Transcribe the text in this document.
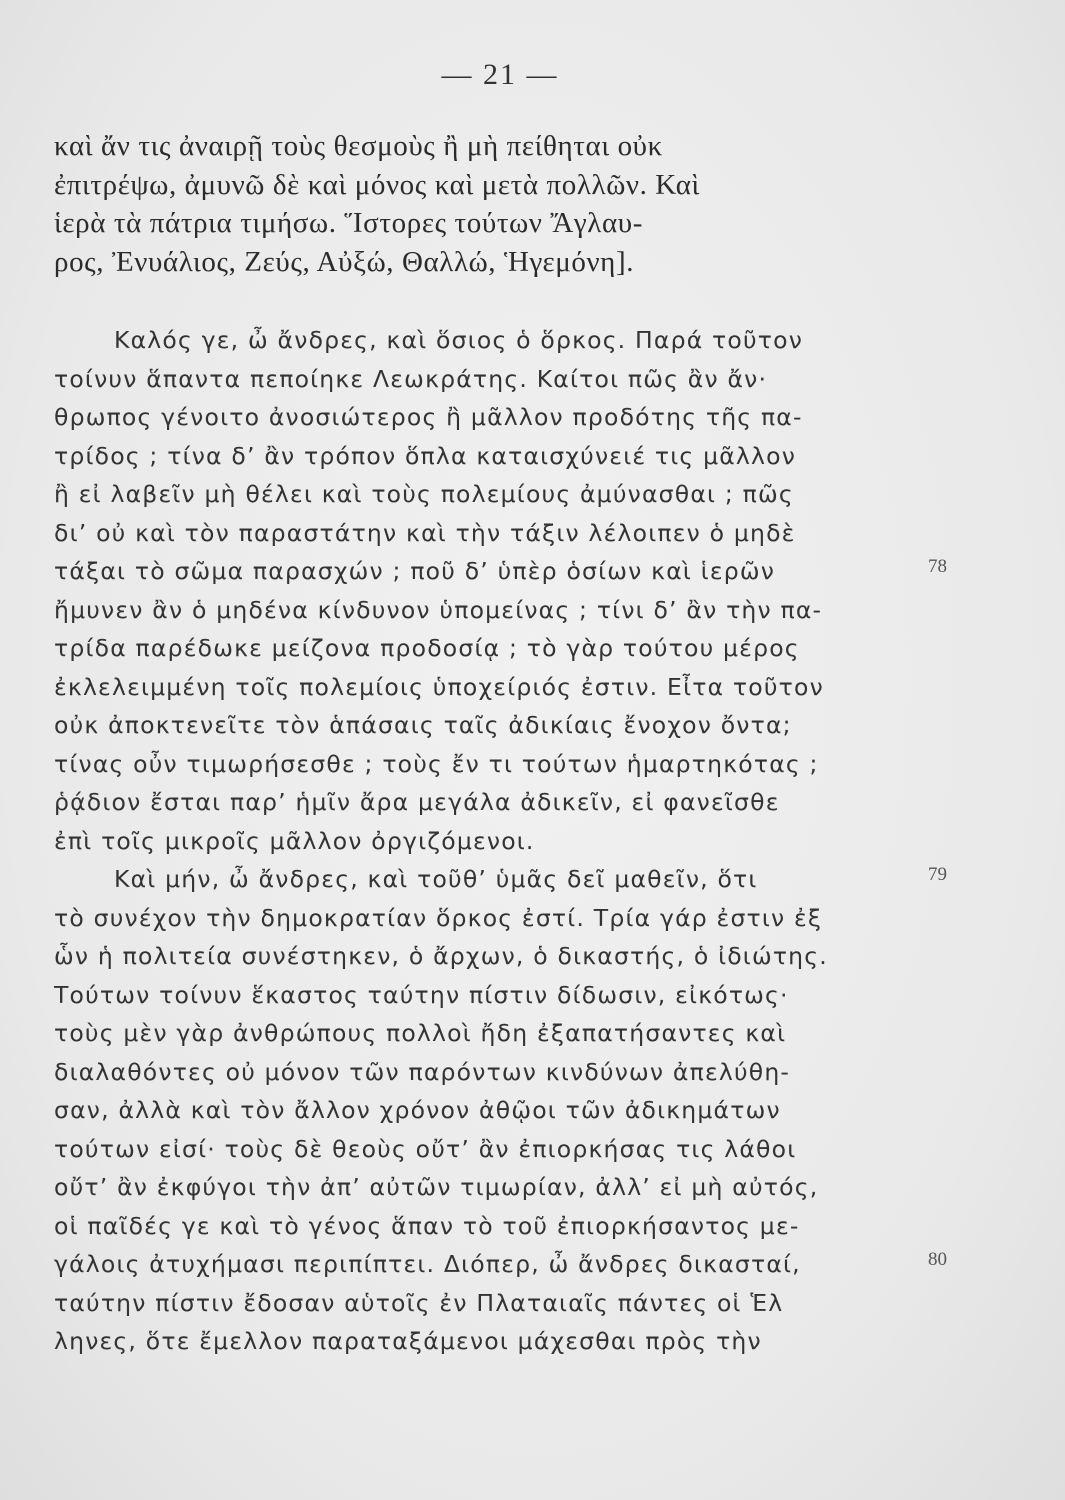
— 21 —
καὶ ἄν τις ἀναιρῇ τοὺς θεσμοὺς ἢ μὴ πείθηται οὐκ
ἐπιτρέψω, ἀμυνῶ δὲ καὶ μόνος καὶ μετὰ πολλῶν. Καὶ
ἱερὰ τὰ πάτρια τιμήσω. Ἵστορες τούτων Ἄγλαυ-
ρος, Ἐνυάλιος, Ζεύς, Αὐξώ, Θαλλώ, Ἡγεμόνη].
Καλός γε, ὦ ἄνδρες, καὶ ὅσιος ὁ ὅρκος. Παρά τοῦτον
τοίνυν ἅπαντα πεποίηκε Λεωκράτης. Καίτοι πῶς ἂν ἄν·
θρωπος γένοιτο ἀνοσιώτερος ἢ μᾶλλον προδότης τῆς πα-
τρίδος ; τίνα δ’ ἂν τρόπον ὅπλα καταισχύνειέ τις μᾶλλον
ἢ εἰ λαβεῖν μὴ θέλει καὶ τοὺς πολεμίους ἀμύνασθαι ; πῶς
δι’ οὐ καὶ τὸν παραστάτην καὶ τὴν τάξιν λέλοιπεν ὁ μηδὲ
τάξαι τὸ σῶμα παρασχών ; ποῦ δ’ ὑπὲρ ὁσίων καὶ ἱερῶν
ἤμυνεν ἂν ὁ μηδένα κίνδυνον ὑπομείνας ; τίνι δ’ ἂν τὴν πα-
τρίδα παρέδωκε μείζονα προδοσίᾳ ; τὸ γὰρ τούτου μέρος
ἐκλελειμμένη τοῖς πολεμίοις ὑποχείριός ἐστιν. Εἶτα τοῦτον
οὐκ ἀποκτενεῖτε τὸν ἁπάσαις ταῖς ἀδικίαις ἔνοχον ὄντα;
τίνας οὖν τιμωρήσεσθε ; τοὺς ἔν τι τούτων ἡμαρτηκότας ;
ῥᾴδιον ἔσται παρ’ ἡμῖν ἄρα μεγάλα ἀδικεῖν, εἰ φανεῖσθε
ἐπὶ τοῖς μικροῖς μᾶλλον ὀργιζόμενοι.
Καὶ μήν, ὦ ἄνδρες, καὶ τοῦθ’ ὑμᾶς δεῖ μαθεῖν, ὅτι
τὸ συνέχον τὴν δημοκρατίαν ὅρκος ἐστί. Τρία γάρ ἐστιν ἐξ
ὧν ἡ πολιτεία συνέστηκεν, ὁ ἄρχων, ὁ δικαστής, ὁ ἰδιώτης.
Τούτων τοίνυν ἕκαστος ταύτην πίστιν δίδωσιν, εἰκότως·
τοὺς μὲν γὰρ ἀνθρώπους πολλοὶ ἤδη ἐξαπατήσαντες καὶ
διαλαθόντες οὐ μόνον τῶν παρόντων κινδύνων ἀπελύθη-
σαν, ἀλλὰ καὶ τὸν ἄλλον χρόνον ἀθῷοι τῶν ἀδικημάτων
τούτων εἰσί· τοὺς δὲ θεοὺς οὔτ’ ἂν ἐπιορκήσας τις λάθοι
οὔτ’ ἂν ἐκφύγοι τὴν ἀπ’ αὐτῶν τιμωρίαν, ἀλλ’ εἰ μὴ αὐτός,
οἱ παῖδές γε καὶ τὸ γένος ἅπαν τὸ τοῦ ἐπιορκήσαντος με-
γάλοις ἀτυχήμασι περιπίπτει. Διόπερ, ὦ ἄνδρες δικασταί,
ταύτην πίστιν ἔδοσαν αὑτοῖς ἐν Πλαταιαῖς πάντες οἱ Ἑλ
ληνες, ὅτε ἔμελλον παραταξάμενοι μάχεσθαι πρὸς τὴν
78
79
80
